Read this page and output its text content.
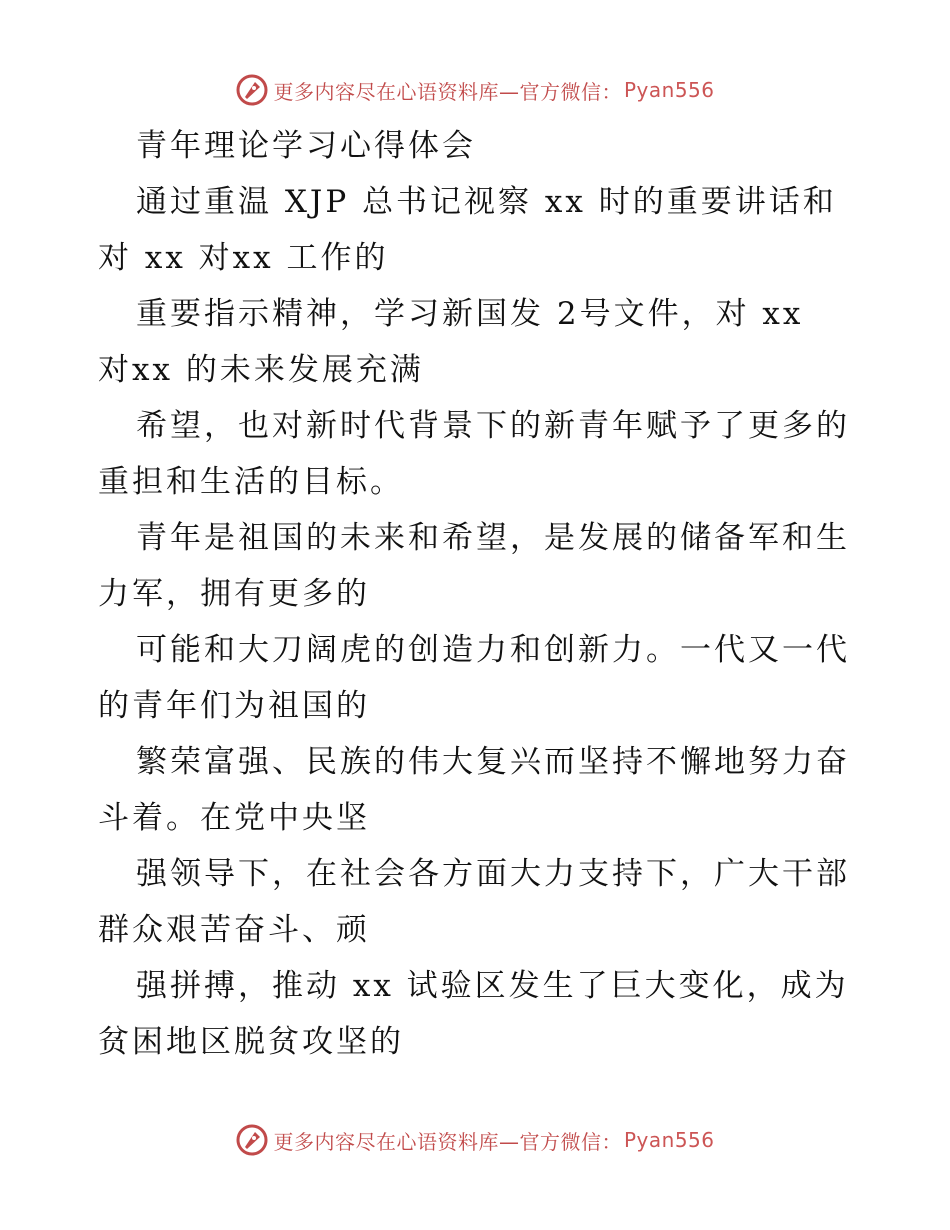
更多内容尽在心语资料库—官方微信： Pyan556

青年理论学习心得体会

通过重温 XJP 总书记视察 xx 时的重要讲话和
对 xx 对xx 工作的

重要指示精神，学习新国发 2号文件，对 xx
对xx 的未来发展充满

希望，也对新时代背景下的新青年赋予了更多的
重担和生活的目标。

青年是祖国的未来和希望，是发展的储备军和生
力军，拥有更多的

可能和大刀阔虎的创造力和创新力。一代又一代
的青年们为祖国的

繁荣富强、民族的伟大复兴而坚持不懈地努力奋
斗着。在党中央坚

强领导下，在社会各方面大力支持下，广大干部
群众艰苦奋斗、顽

强拼搏，推动 xx 试验区发生了巨大变化，成为
贫困地区脱贫攻坚的

更多内容尽在心语资料库—官方微信： Pyan556
